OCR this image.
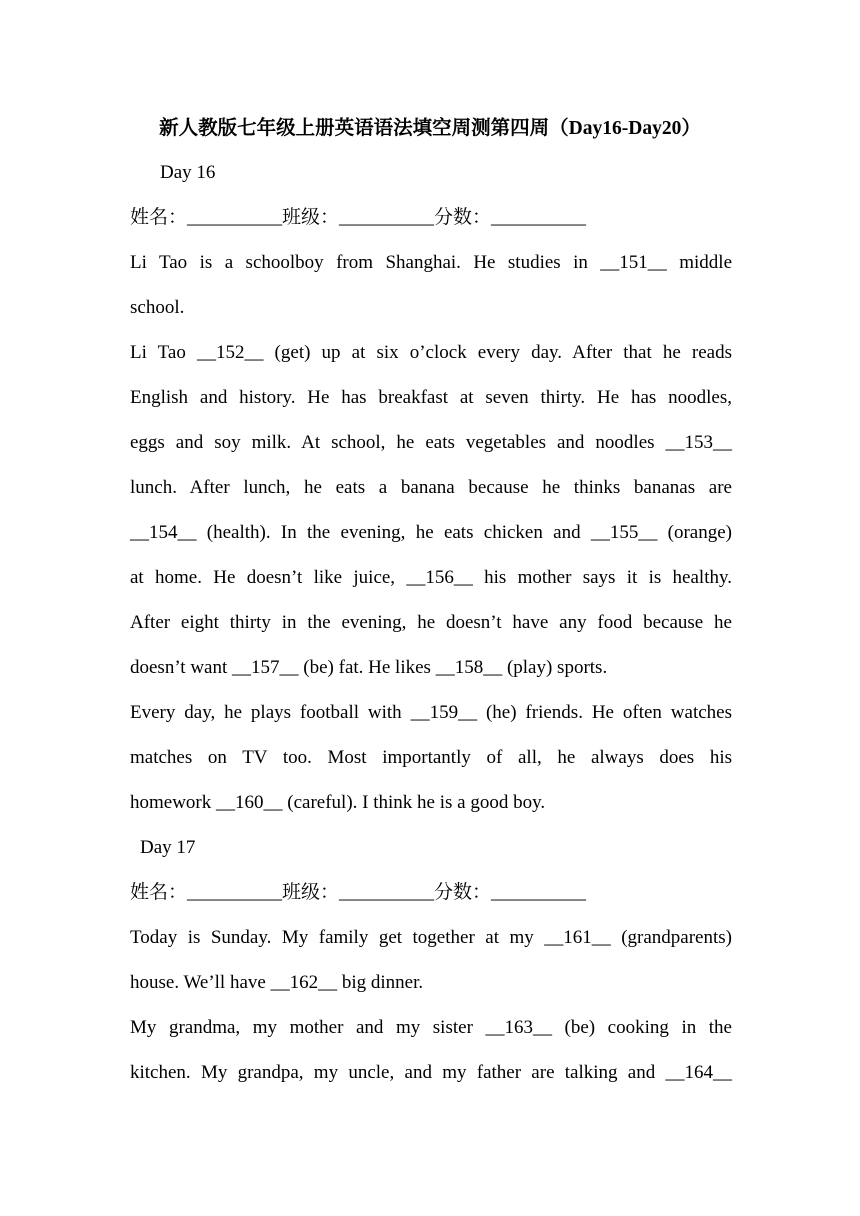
新人教版七年级上册英语语法填空周测第四周（Day16-Day20）
Day 16
姓名：__________班级：__________分数：__________
Li Tao is a schoolboy from Shanghai. He studies in __151__ middle
school.
Li Tao __152__ (get) up at six o’clock every day. After that he reads
English and history. He has breakfast at seven thirty. He has noodles,
eggs and soy milk. At school, he eats vegetables and noodles __153__
lunch. After lunch, he eats a banana because he thinks bananas are
__154__ (health). In the evening, he eats chicken and __155__ (orange)
at home. He doesn’t like juice, __156__ his mother says it is healthy.
After eight thirty in the evening, he doesn’t have any food because he
doesn’t want __157__ (be) fat. He likes __158__ (play) sports.
Every day, he plays football with __159__ (he) friends. He often watches
matches on TV too. Most importantly of all, he always does his
homework __160__ (careful). I think he is a good boy.
Day 17
姓名：__________班级：__________分数：__________
Today is Sunday. My family get together at my __161__ (grandparents)
house. We’ll have __162__ big dinner.
My grandma, my mother and my sister __163__ (be) cooking in the
kitchen. My grandpa, my uncle, and my father are talking and __164__
